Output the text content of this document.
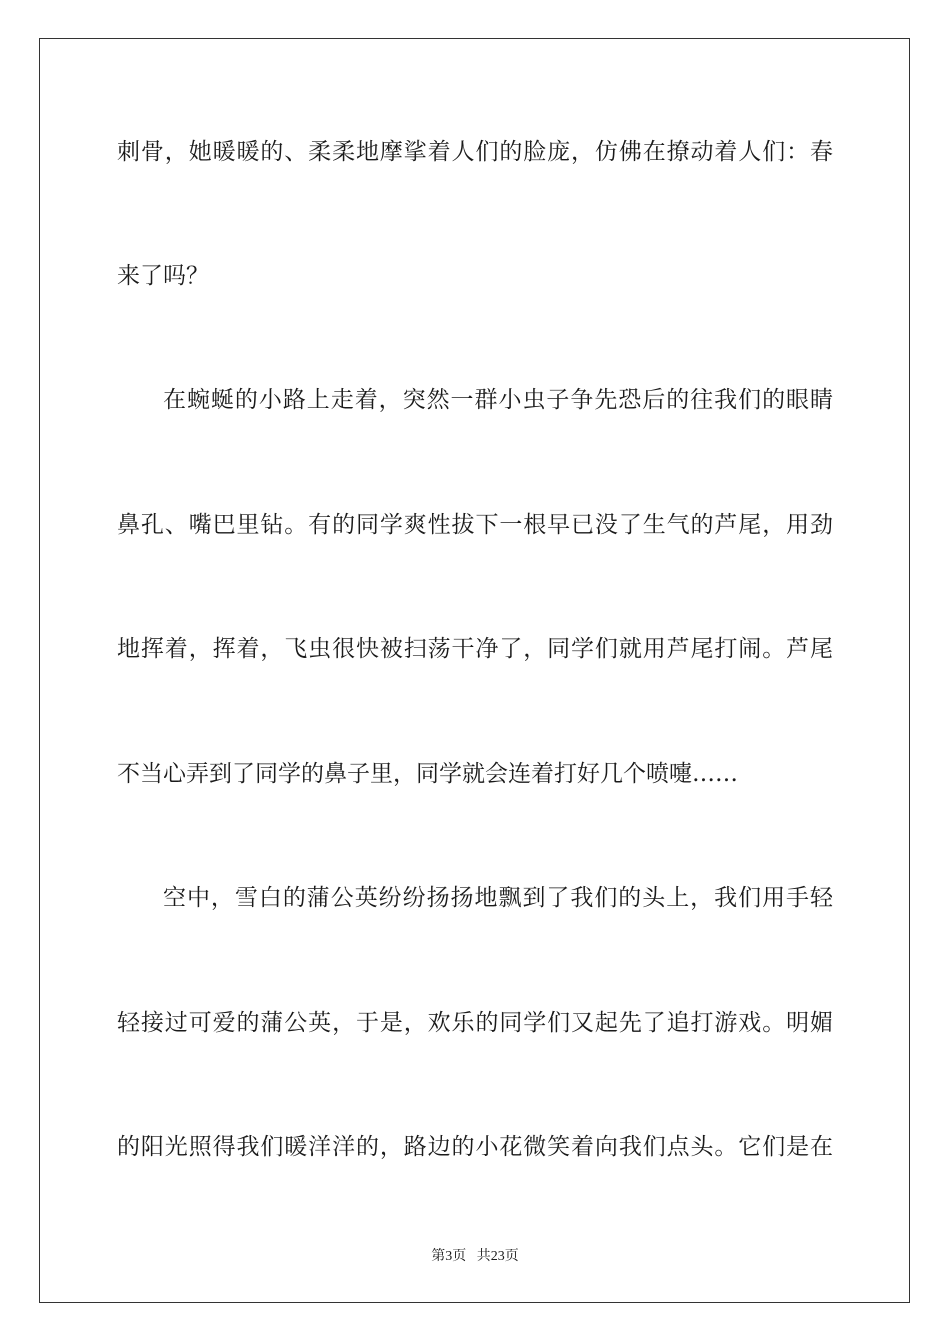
刺骨，她暖暖的、柔柔地摩挲着人们的脸庞，仿佛在撩动着人们：春
来了吗？
在蜿蜒的小路上走着，突然一群小虫子争先恐后的往我们的眼睛
鼻孔、嘴巴里钻。有的同学爽性拔下一根早已没了生气的芦尾，用劲
地挥着，挥着，飞虫很快被扫荡干净了，同学们就用芦尾打闹。芦尾
不当心弄到了同学的鼻子里，同学就会连着打好几个喷嚏……
空中，雪白的蒲公英纷纷扬扬地飘到了我们的头上，我们用手轻
轻接过可爱的蒲公英，于是，欢乐的同学们又起先了追打游戏。明媚
的阳光照得我们暖洋洋的，路边的小花微笑着向我们点头。它们是在
第3页   共23页
